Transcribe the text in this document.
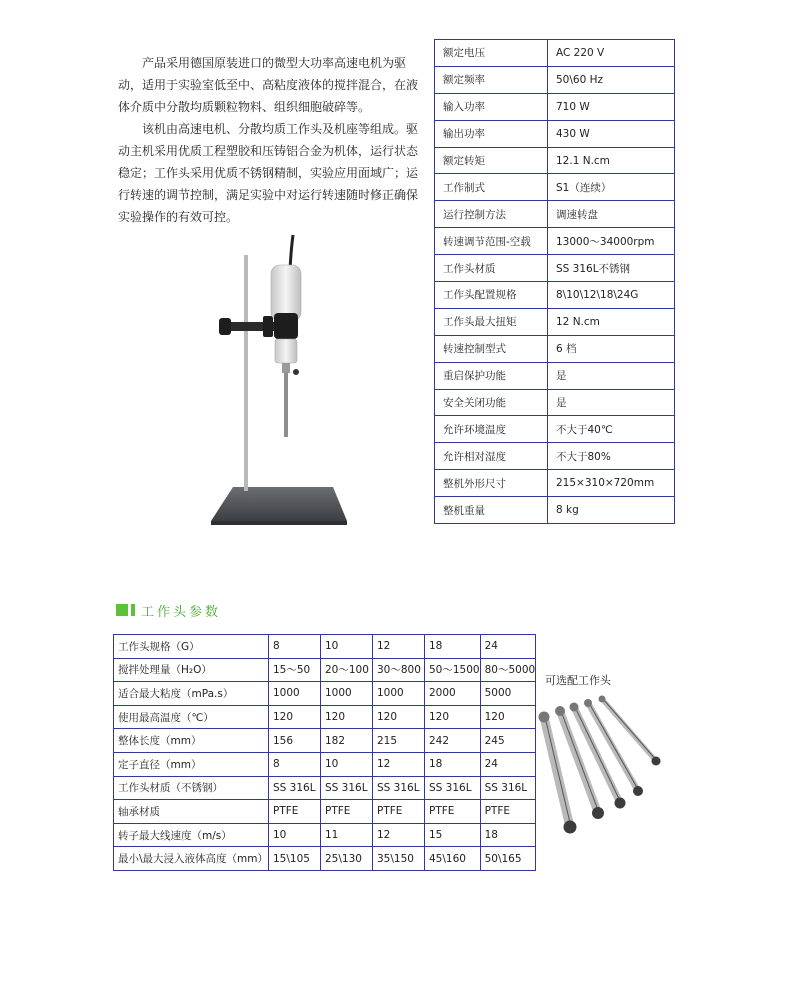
产品采用德国原装进口的微型大功率高速电机为驱动，适用于实验室低至中、高粘度液体的搅拌混合，在液体介质中分散均质颗粒物料、组织细胞破碎等。

该机由高速电机、分散均质工作头及机座等组成。驱动主机采用优质工程塑胶和压铸铝合金为机体，运行状态稳定；工作头采用优质不锈钢精制，实验应用面域广；运行转速的调节控制，满足实验中对运行转速随时修正确保实验操作的有效可控。

额定电压	AC 220 V
额定频率	50\60 Hz
输入功率	710 W
输出功率	430 W
额定转矩	12.1 N.cm
工作制式	S1（连续）
运行控制方法	调速转盘
转速调节范围-空载	13000～34000rpm
工作头材质	SS 316L不锈钢
工作头配置规格	8\10\12\18\24G
工作头最大扭矩	12 N.cm
转速控制型式	6 档
重启保护功能	是
安全关闭功能	是
允许环境温度	不大于40℃
允许相对湿度	不大于80%
整机外形尺寸	215×310×720mm
整机重量	8 kg
工作头参数
工作头规格（G）	8	10	12	18	24
搅拌处理量（H₂O）	15～50	20～100	30～800	50～1500	80～5000
适合最大粘度（mPa.s）	1000	1000	1000	2000	5000
使用最高温度（℃）	120	120	120	120	120
整体长度（mm）	156	182	215	242	245
定子直径（mm）	8	10	12	18	24
工作头材质（不锈钢）	SS 316L	SS 316L	SS 316L	SS 316L	SS 316L
轴承材质	PTFE	PTFE	PTFE	PTFE	PTFE
转子最大线速度（m/s）	10	11	12	15	18
最小\最大浸入液体高度（mm）	15\105	25\130	35\150	45\160	50\165
可选配工作头
